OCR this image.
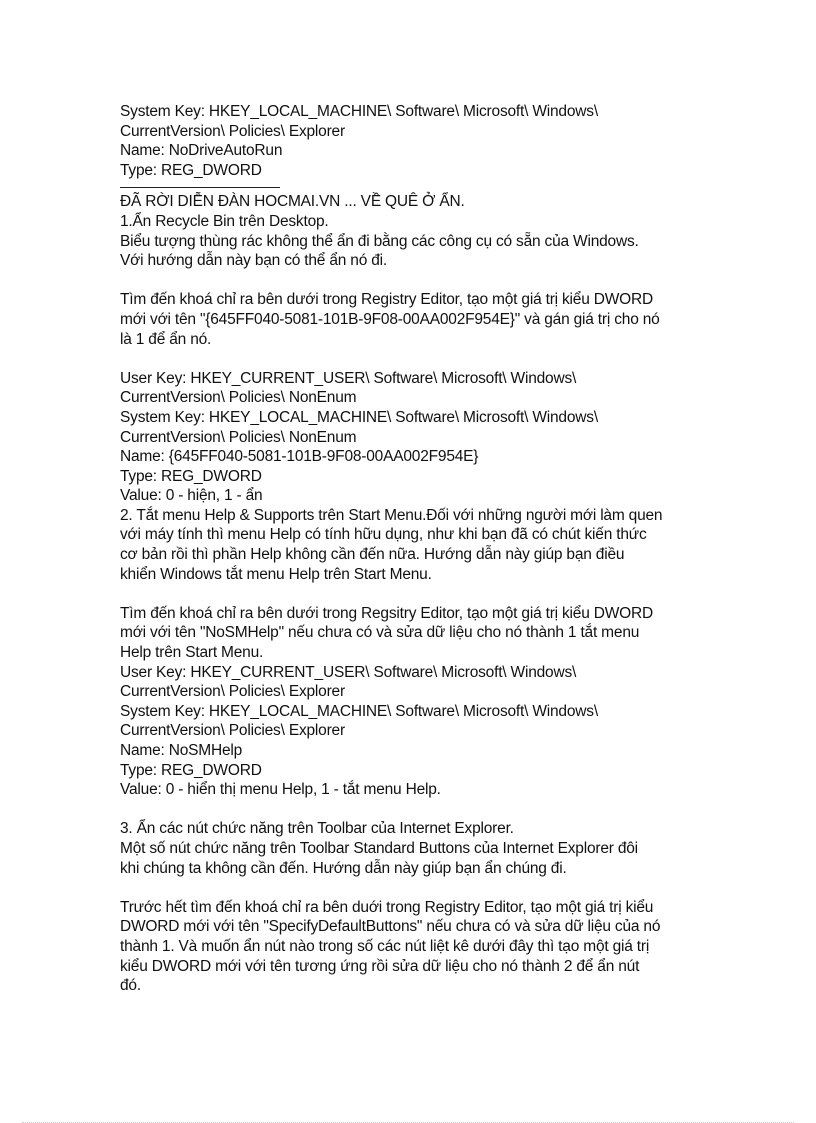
System Key: HKEY_LOCAL_MACHINE\ Software\ Microsoft\ Windows\
CurrentVersion\ Policies\ Explorer
Name: NoDriveAutoRun
Type: REG_DWORD
ĐÃ RỜI DIỄN ĐÀN HOCMAI.VN ... VỀ QUÊ Ở ẨN.
1.Ẩn Recycle Bin trên Desktop.
Biểu tượng thùng rác không thể ẩn đi bằng các công cụ có sẵn của Windows.
Với hướng dẫn này bạn có thể ẩn nó đi.
Tìm đến khoá chỉ ra bên dưới trong Registry Editor, tạo một giá trị kiểu DWORD
mới với tên "{645FF040-5081-101B-9F08-00AA002F954E}" và gán giá trị cho nó
là 1 để ẩn nó.
User Key: HKEY_CURRENT_USER\ Software\ Microsoft\ Windows\
CurrentVersion\ Policies\ NonEnum
System Key: HKEY_LOCAL_MACHINE\ Software\ Microsoft\ Windows\
CurrentVersion\ Policies\ NonEnum
Name: {645FF040-5081-101B-9F08-00AA002F954E}
Type: REG_DWORD
Value: 0 - hiện, 1 - ẩn
2. Tắt menu Help & Supports trên Start Menu.Đối với những người mới làm quen
với máy tính thì menu Help có tính hữu dụng, như khi bạn đã có chút kiến thức
cơ bản rồi thì phần Help không cần đến nữa. Hướng dẫn này giúp bạn điều
khiển Windows tắt menu Help trên Start Menu.
Tìm đến khoá chỉ ra bên dưới trong Regsitry Editor, tạo một giá trị kiểu DWORD
mới với tên "NoSMHelp" nếu chưa có và sửa dữ liệu cho nó thành 1 tắt menu
Help trên Start Menu.
User Key: HKEY_CURRENT_USER\ Software\ Microsoft\ Windows\
CurrentVersion\ Policies\ Explorer
System Key: HKEY_LOCAL_MACHINE\ Software\ Microsoft\ Windows\
CurrentVersion\ Policies\ Explorer
Name: NoSMHelp
Type: REG_DWORD
Value: 0 - hiển thị menu Help, 1 - tắt menu Help.
3. Ẩn các nút chức năng trên Toolbar của Internet Explorer.
Một số nút chức năng trên Toolbar Standard Buttons của Internet Explorer đôi
khi chúng ta không cần đến. Hướng dẫn này giúp bạn ẩn chúng đi.
Trước hết tìm đến khoá chỉ ra bên duới trong Registry Editor, tạo một giá trị kiểu
DWORD mới với tên "SpecifyDefaultButtons" nếu chưa có và sửa dữ liệu của nó
thành 1. Và muốn ẩn nút nào trong số các nút liệt kê dưới đây thì tạo một giá trị
kiểu DWORD mới với tên tương ứng rồi sửa dữ liệu cho nó thành 2 để ẩn nút
đó.
